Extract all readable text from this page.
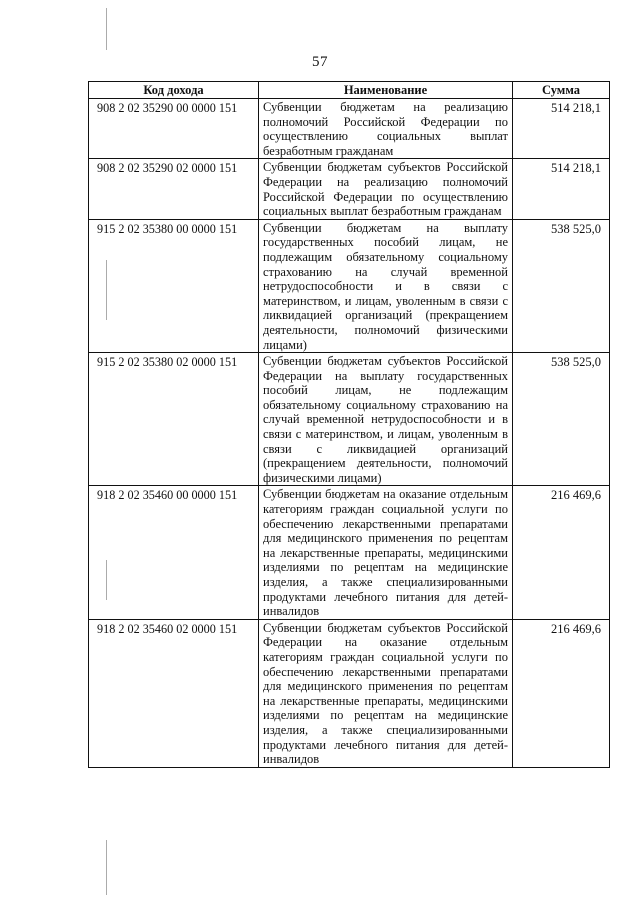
57
Код дохода	Наименование	Сумма
908 2 02 35290 00 0000 151	Субвенции бюджетам на реализацию полномочий Российской Федерации по осуществлению социальных выплат безработным гражданам	514 218,1
908 2 02 35290 02 0000 151	Субвенции бюджетам субъектов Российской Федерации на реализацию полномочий Российской Федерации по осуществлению социальных выплат безработным гражданам	514 218,1
915 2 02 35380 00 0000 151	Субвенции бюджетам на выплату государственных пособий лицам, не подлежащим обязательному социальному страхованию на случай временной нетрудоспособности и в связи с материнством, и лицам, уволенным в связи с ликвидацией организаций (прекращением деятельности, полномочий физическими лицами)	538 525,0
915 2 02 35380 02 0000 151	Субвенции бюджетам субъектов Российской Федерации на выплату государственных пособий лицам, не подлежащим обязательному социальному страхованию на случай временной нетрудоспособности и в связи с материнством, и лицам, уволенным в связи с ликвидацией организаций (прекращением деятельности, полномочий физическими лицами)	538 525,0
918 2 02 35460 00 0000 151	Субвенции бюджетам на оказание отдельным категориям граждан социальной услуги по обеспечению лекарственными препаратами для медицинского применения по рецептам на лекарственные препараты, медицинскими изделиями по рецептам на медицинские изделия, а также специализированными продуктами лечебного питания для детей-инвалидов	216 469,6
918 2 02 35460 02 0000 151	Субвенции бюджетам субъектов Российской Федерации на оказание отдельным категориям граждан социальной услуги по обеспечению лекарственными препаратами для медицинского применения по рецептам на лекарственные препараты, медицинскими изделиями по рецептам на медицинские изделия, а также специализированными продуктами лечебного питания для детей-инвалидов	216 469,6
